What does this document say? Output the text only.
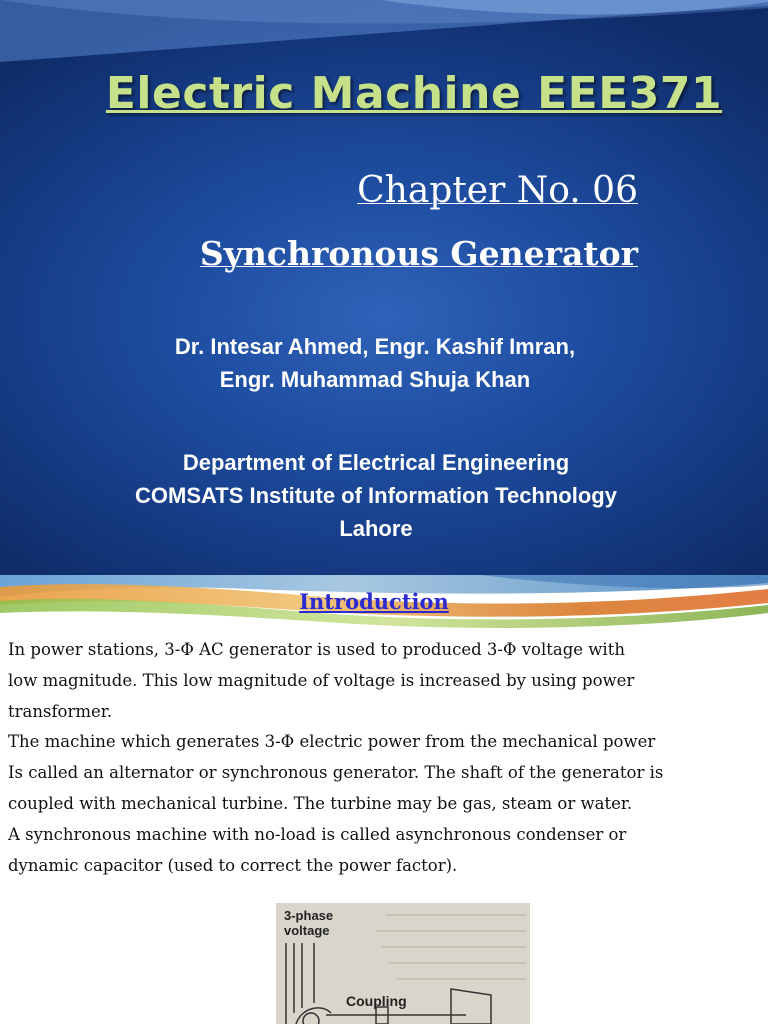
Electric Machine EEE371
Chapter No. 06
Synchronous Generator
Dr. Intesar Ahmed, Engr. Kashif Imran,
Engr. Muhammad Shuja Khan
Department of Electrical Engineering
COMSATS Institute of Information Technology
Lahore
Introduction
In power stations, 3-Φ AC generator is used to produced 3-Φ voltage with
low magnitude. This low magnitude of voltage is increased by using power
transformer.
The machine which generates 3-Φ electric power from the mechanical power
Is called an alternator or synchronous generator. The shaft of the generator is
coupled with mechanical turbine. The turbine may be gas, steam or water.
A synchronous machine with no-load is called asynchronous condenser or
dynamic capacitor (used to correct the power factor).
3-phase
voltage
Coupling
